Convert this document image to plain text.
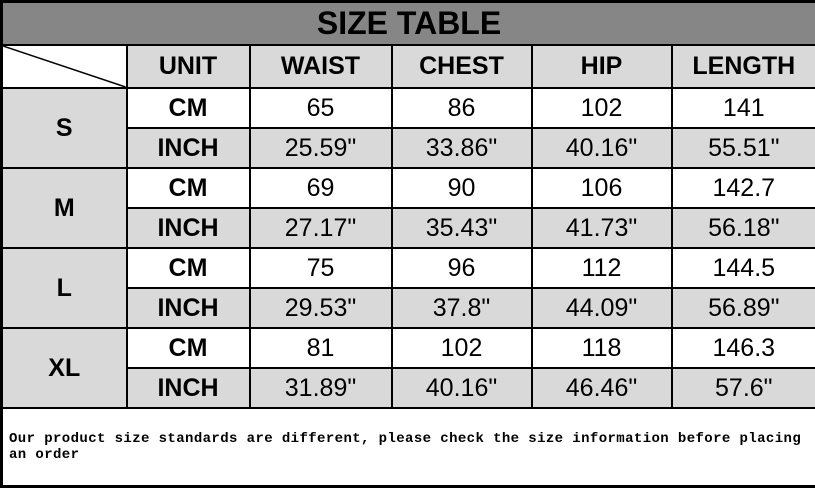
SIZE TABLE					

	UNIT	WAIST	CHEST	HIP	LENGTH
S	CM	65	86	102	141
	INCH	25.59"	33.86"	40.16"	55.51"
M	CM	69	90	106	142.7
	INCH	27.17"	35.43"	41.73"	56.18"
L	CM	75	96	112	144.5
	INCH	29.53"	37.8"	44.09"	56.89"
XL	CM	81	102	118	146.3
	INCH	31.89"	40.16"	46.46"	57.6"
Our product size standards are different, please check the size information before placing an order					
